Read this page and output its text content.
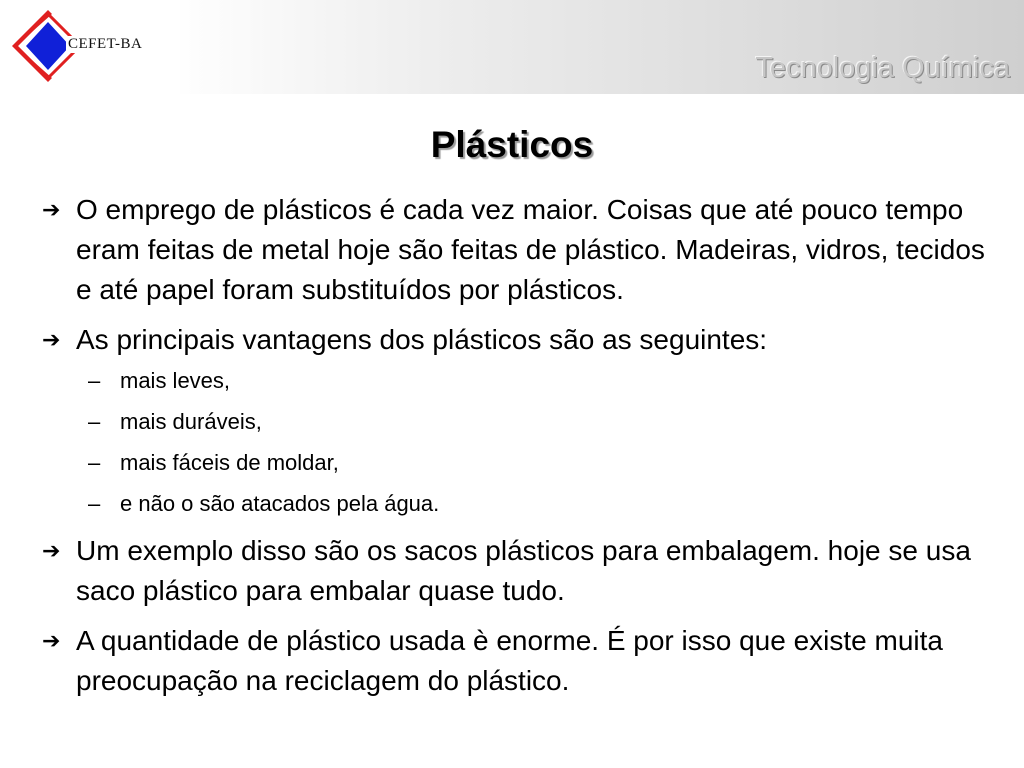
CEFET-BA
Tecnologia Química
Plásticos
➔ O emprego de plásticos é cada vez maior. Coisas que até pouco tempo eram feitas de metal hoje são feitas de plástico. Madeiras, vidros, tecidos e até papel foram substituídos por plásticos.
➔ As principais vantagens dos plásticos são as seguintes:
– mais leves,
– mais duráveis,
– mais fáceis de moldar,
– e não o são atacados pela água.
➔ Um exemplo disso são os sacos plásticos para embalagem. hoje se usa saco plástico para embalar quase tudo.
➔ A quantidade de plástico usada è enorme. É por isso que existe muita preocupação na reciclagem do plástico.
